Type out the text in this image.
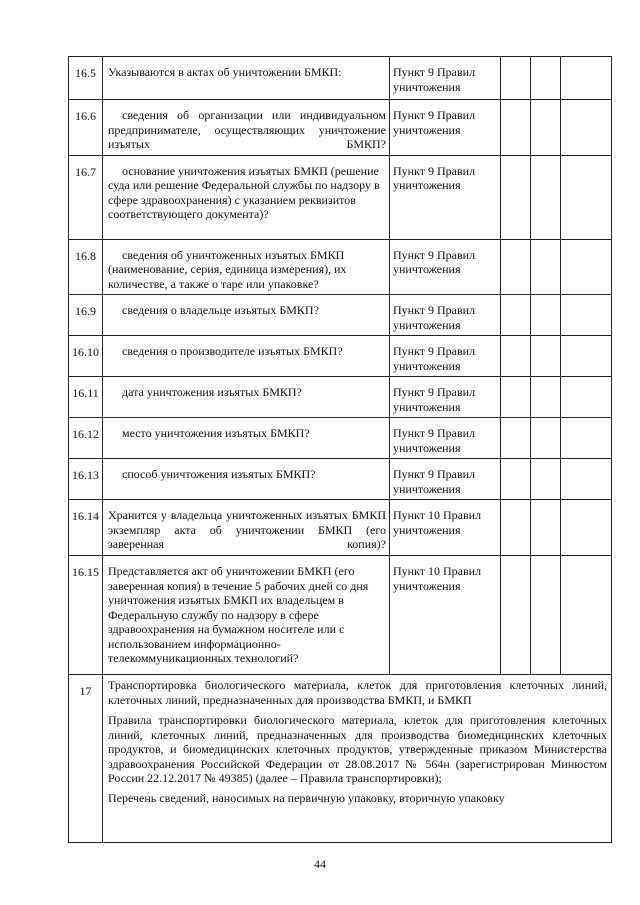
16.5	Указываются в актах об уничтожении БМКП:	Пункт 9 Правил
уничтожения			
16.6	сведения об организации или индивидуальном предпринимателе, осуществляющих уничтожение изъятых БМКП?	Пункт 9 Правил
уничтожения			
16.7	основание уничтожения изъятых БМКП (решение суда или решение Федеральной службы по надзору в сфере здравоохранения) с указанием реквизитов соответствующего документа)?	Пункт 9 Правил
уничтожения			
16.8	сведения об уничтоженных изъятых БМКП (наименование, серия, единица измерения), их количестве, а также о таре или упаковке?	Пункт 9 Правил
уничтожения			
16.9	сведения о владельце изъятых БМКП?	Пункт 9 Правил
уничтожения			
16.10	сведения о производителе изъятых БМКП?	Пункт 9 Правил
уничтожения			
16.11	дата уничтожения изъятых БМКП?	Пункт 9 Правил
уничтожения			
16.12	место уничтожения изъятых БМКП?	Пункт 9 Правил
уничтожения			
16.13	способ уничтожения изъятых БМКП?	Пункт 9 Правил
уничтожения			
16.14	Хранится у владельца уничтоженных изъятых БМКП экземпляр акта об уничтожении БМКП (его заверенная копия)?	Пункт 10 Правил
уничтожения			
16.15	Представляется акт об уничтожении БМКП (его заверенная копия) в течение 5 рабочих дней со дня уничтожения изъятых БМКП их владельцем в Федеральную службу по надзору в сфере здравоохранения на бумажном носителе или с использованием информационно-телекоммуникационных технологий?	Пункт 10 Правил
уничтожения			
17	Транспортировка биологического материала, клеток для приготовления клеточных линий, клеточных линий, предназначенных для производства БМКП, и БМКП

Правила транспортировки биологического материала, клеток для приготовления клеточных линий, клеточных линий, предназначенных для производства биомедицинских клеточных продуктов, и биомедицинских клеточных продуктов, утвержденные приказом Министерства здравоохранения Российской Федерации от 28.08.2017 № 564н (зарегистрирован Минюстом России 22.12.2017 № 49385) (далее – Правила транспортировки);

Перечень сведений, наносимых на первичную упаковку, вторичную упаковку				

44
